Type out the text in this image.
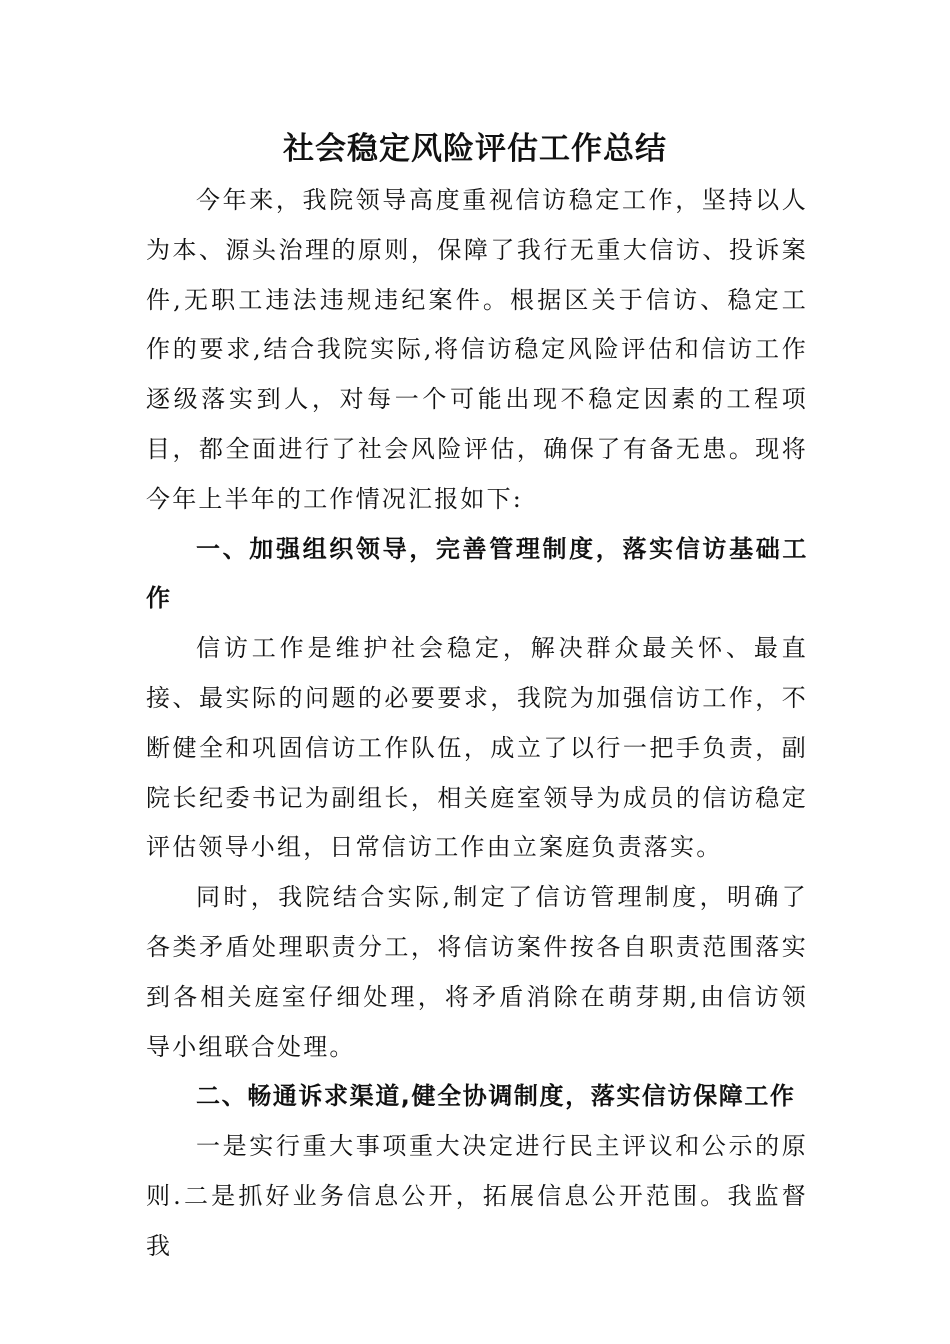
社会稳定风险评估工作总结

今年来，我院领导高度重视信访稳定工作，坚持以人为本、源头治理的原则，保障了我行无重大信访、投诉案件,无职工违法违规违纪案件。根据区关于信访、稳定工作的要求,结合我院实际,将信访稳定风险评估和信访工作逐级落实到人，对每一个可能出现不稳定因素的工程项目，都全面进行了社会风险评估，确保了有备无患。现将今年上半年的工作情况汇报如下:

一、加强组织领导，完善管理制度，落实信访基础工作

信访工作是维护社会稳定，解决群众最关怀、最直接、最实际的问题的必要要求，我院为加强信访工作，不断健全和巩固信访工作队伍，成立了以行一把手负责，副院长纪委书记为副组长，相关庭室领导为成员的信访稳定评估领导小组，日常信访工作由立案庭负责落实。

同时，我院结合实际,制定了信访管理制度，明确了各类矛盾处理职责分工，将信访案件按各自职责范围落实到各相关庭室仔细处理，将矛盾消除在萌芽期,由信访领导小组联合处理。

二、畅通诉求渠道,健全协调制度，落实信访保障工作

一是实行重大事项重大决定进行民主评议和公示的原则.二是抓好业务信息公开，拓展信息公开范围。我监督我
